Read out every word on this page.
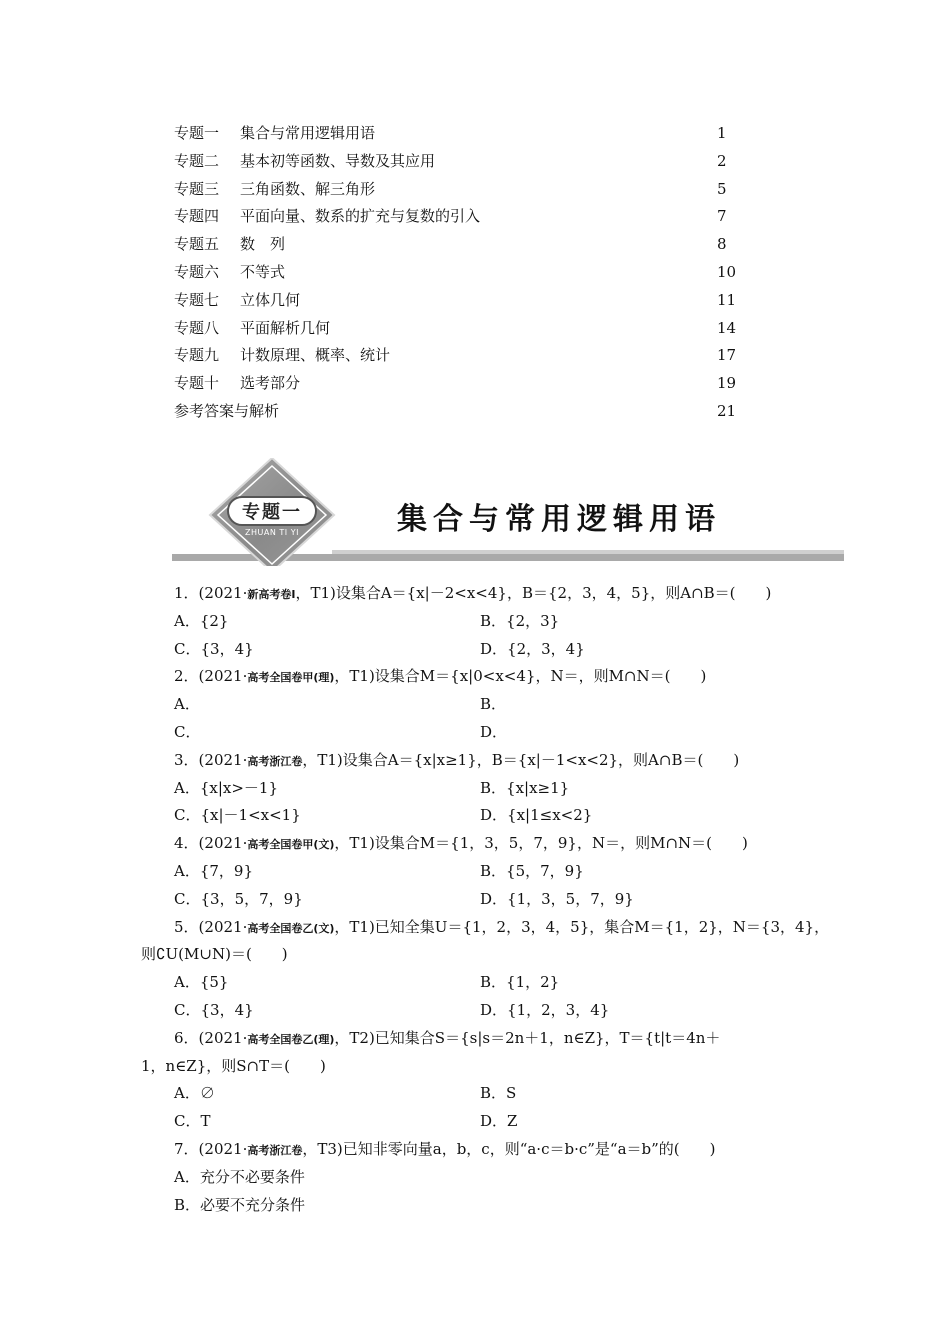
专题一 集合与常用逻辑用语	1
专题二 基本初等函数、导数及其应用	2
专题三 三角函数、解三角形	5
专题四 平面向量、数系的扩充与复数的引入	7
专题五 数　列	8
专题六 不等式	10
专题七 立体几何	11
专题八 平面解析几何	14
专题九 计数原理、概率、统计	17
专题十 选考部分	19
参考答案与解析	21
专题一
ZHUAN TI YI	集合与常用逻辑用语
1．(2021·新高考卷Ⅰ，T1)设集合A＝{x|－2<x<4}，B＝{2，3，4，5}，则A∩B＝(　　)
A．{2}	B．{2，3}
C．{3，4}	D．{2，3，4}
2．(2021·高考全国卷甲(理)，T1)设集合M＝{x|0<x<4}，N＝，则M∩N＝(　　)
A．	B．
C．	D．
3．(2021·高考浙江卷，T1)设集合A＝{x|x≥1}，B＝{x|－1<x<2}，则A∩B＝(　　)
A．{x|x>－1}	B．{x|x≥1}
C．{x|－1<x<1}	D．{x|1≤x<2}
4．(2021·高考全国卷甲(文)，T1)设集合M＝{1，3，5，7，9}，N＝，则M∩N＝(　　)
A．{7，9}	B．{5，7，9}
C．{3，5，7，9}	D．{1，3，5，7，9}
5．(2021·高考全国卷乙(文)，T1)已知全集U＝{1，2，3，4，5}，集合M＝{1，2}，N＝{3，4}，
则∁U(M∪N)＝(　　)
A．{5}	B．{1，2}
C．{3，4}	D．{1，2，3，4}
6．(2021·高考全国卷乙(理)，T2)已知集合S＝{s|s＝2n＋1，n∈Z}，T＝{t|t＝4n＋
1，n∈Z}，则S∩T＝(　　)
A．∅	B．S
C．T	D．Z
7．(2021·高考浙江卷，T3)已知非零向量a，b，c，则“a·c＝b·c”是“a＝b”的(　　)
A．充分不必要条件
B．必要不充分条件
